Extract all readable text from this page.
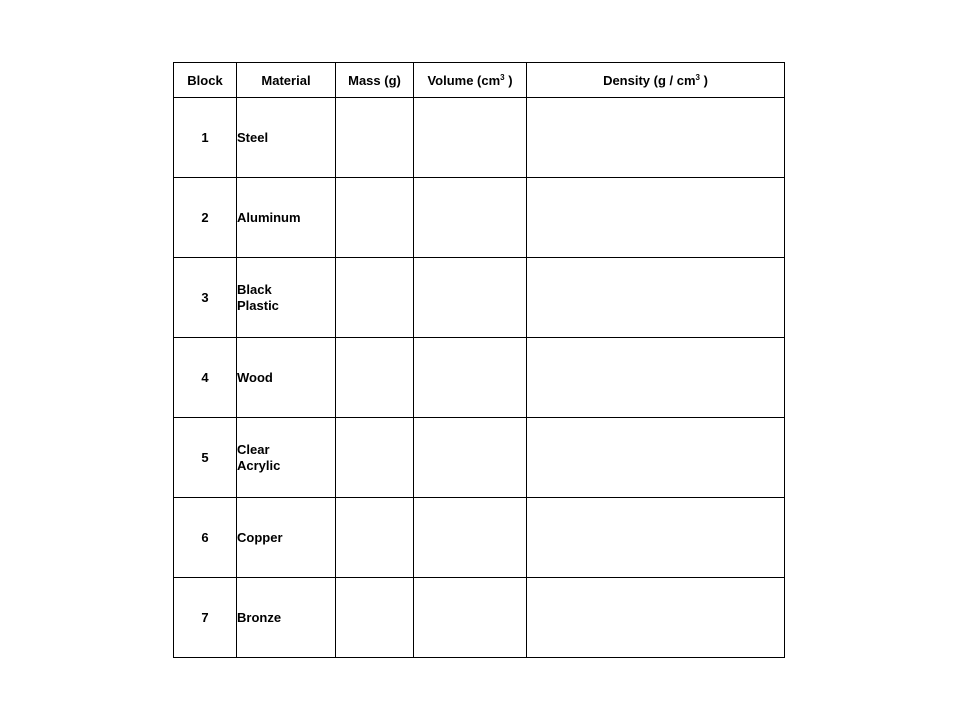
Block	Material	Mass (g)	Volume ($cm^3$ )	Density ($g / cm^3$ )
1	Steel			

2	Aluminum			

3	Black Plastic			

4	Wood			

5	Clear Acrylic			

6	Copper			

7	Bronze			
